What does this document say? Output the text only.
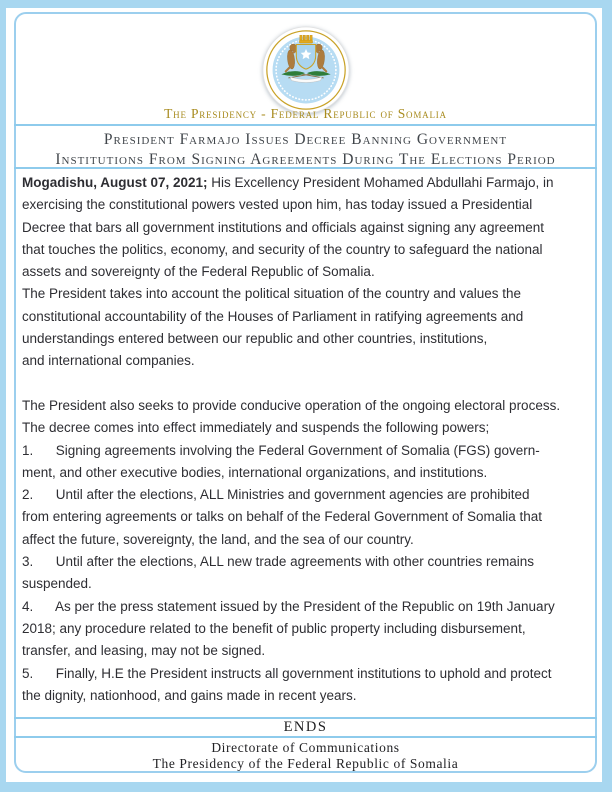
The Presidency - Federal Republic of Somalia
President Farmajo Issues Decree Banning Government
Institutions From Signing Agreements During The Elections Period
Mogadishu, August 07, 2021; His Excellency President Mohamed Abdullahi Farmajo, in
exercising the constitutional powers vested upon him, has today issued a Presidential
Decree that bars all government institutions and officials against signing any agreement
that touches the politics, economy, and security of the country to safeguard the national
assets and sovereignty of the Federal Republic of Somalia.
The President takes into account the political situation of the country and values the
constitutional accountability of the Houses of Parliament in ratifying agreements and
understandings entered between our republic and other countries, institutions,
and international companies.
The President also seeks to provide conducive operation of the ongoing electoral process.
The decree comes into effect immediately and suspends the following powers;
1.      Signing agreements involving the Federal Government of Somalia (FGS) govern-
ment, and other executive bodies, international organizations, and institutions.
2.      Until after the elections, ALL Ministries and government agencies are prohibited
from entering agreements or talks on behalf of the Federal Government of Somalia that
affect the future, sovereignty, the land, and the sea of our country.
3.      Until after the elections, ALL new trade agreements with other countries remains
suspended.
4.      As per the press statement issued by the President of the Republic on 19th January
2018; any procedure related to the benefit of public property including disbursement,
transfer, and leasing, may not be signed.
5.      Finally, H.E the President instructs all government institutions to uphold and protect
the dignity, nationhood, and gains made in recent years.
ENDS
Directorate of Communications
The Presidency of the Federal Republic of Somalia
